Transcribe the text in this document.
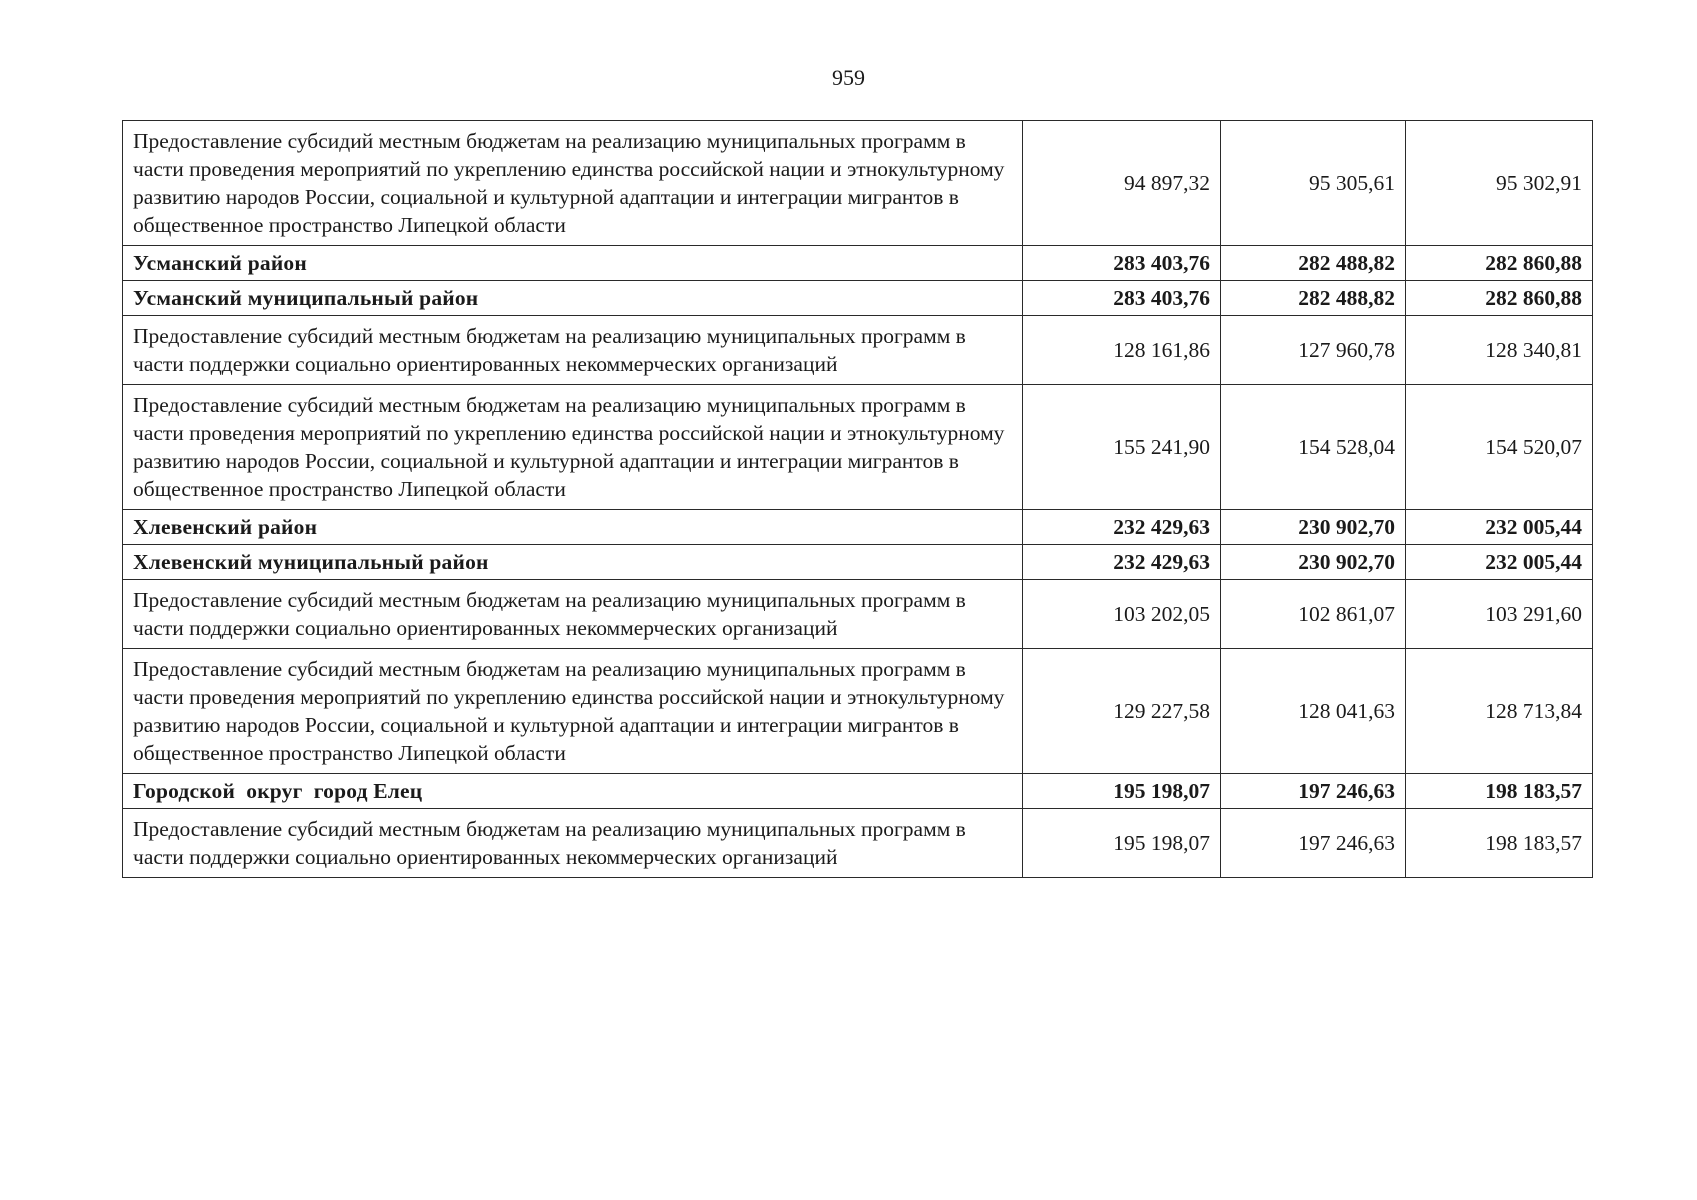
959
Предоставление субсидий местным бюджетам на реализацию муниципальных программ в части проведения мероприятий по укреплению единства российской нации и этнокультурному развитию народов России, социальной и культурной адаптации и интеграции мигрантов в общественное пространство Липецкой области	94 897,32	95 305,61	95 302,91
Усманский район	283 403,76	282 488,82	282 860,88
Усманский муниципальный район	283 403,76	282 488,82	282 860,88
Предоставление субсидий местным бюджетам на реализацию муниципальных программ в части поддержки социально ориентированных некоммерческих организаций	128 161,86	127 960,78	128 340,81
Предоставление субсидий местным бюджетам на реализацию муниципальных программ в части проведения мероприятий по укреплению единства российской нации и этнокультурному развитию народов России, социальной и культурной адаптации и интеграции мигрантов в общественное пространство Липецкой области	155 241,90	154 528,04	154 520,07
Хлевенский район	232 429,63	230 902,70	232 005,44
Хлевенский муниципальный район	232 429,63	230 902,70	232 005,44
Предоставление субсидий местным бюджетам на реализацию муниципальных программ в части поддержки социально ориентированных некоммерческих организаций	103 202,05	102 861,07	103 291,60
Предоставление субсидий местным бюджетам на реализацию муниципальных программ в части проведения мероприятий по укреплению единства российской нации и этнокультурному развитию народов России, социальной и культурной адаптации и интеграции мигрантов в общественное пространство Липецкой области	129 227,58	128 041,63	128 713,84
Городской  округ  город Елец	195 198,07	197 246,63	198 183,57
Предоставление субсидий местным бюджетам на реализацию муниципальных программ в части поддержки социально ориентированных некоммерческих организаций	195 198,07	197 246,63	198 183,57
